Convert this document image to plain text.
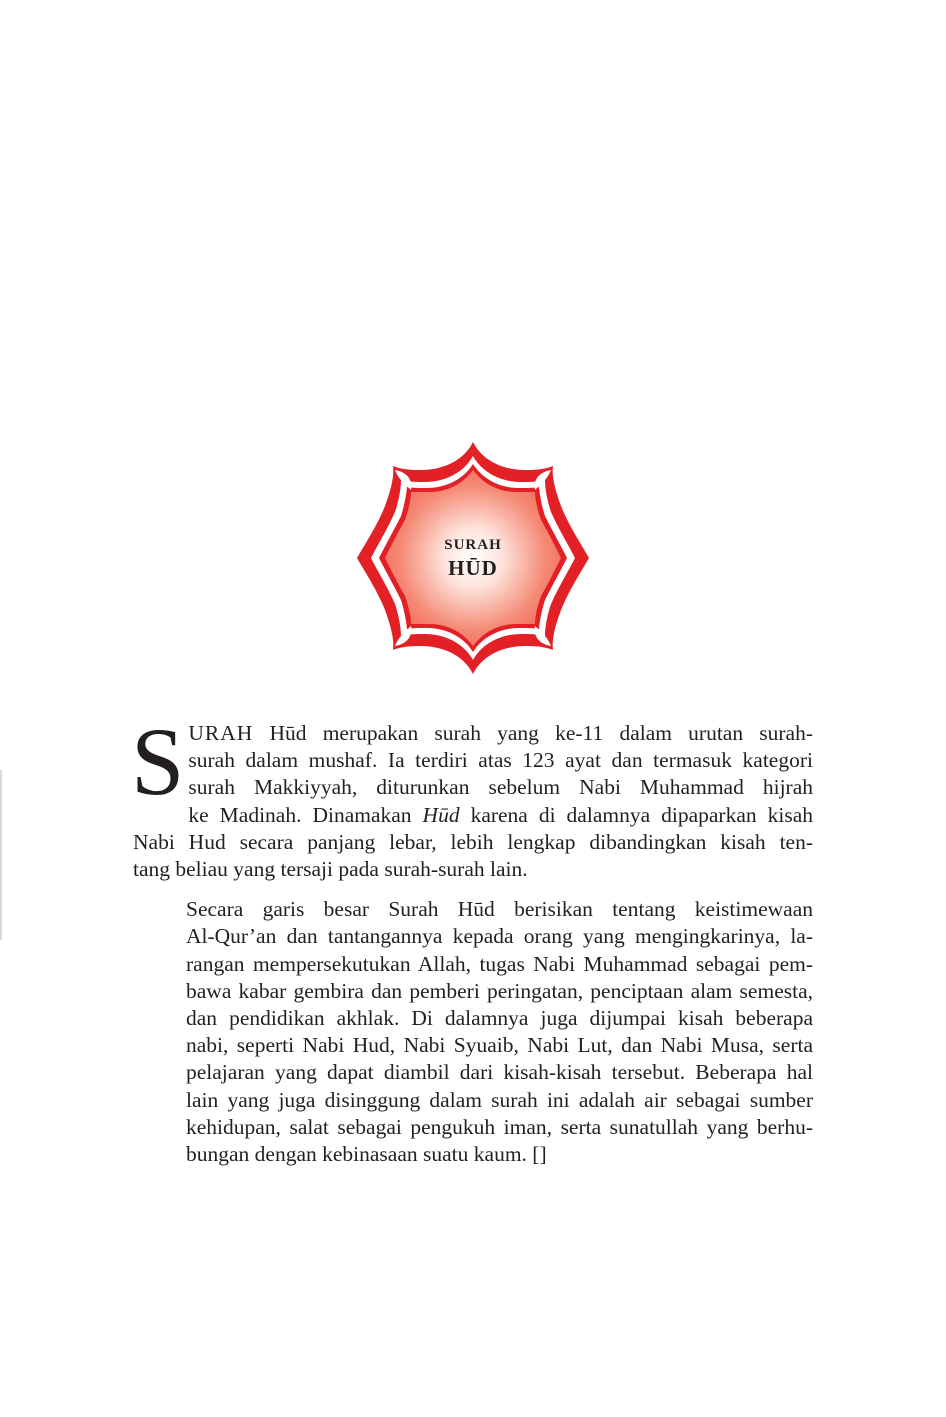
SURAH
HŪD
S URAH Hūd merupakan surah yang ke-11 dalam urutan surah-
surah dalam mushaf. Ia terdiri atas 123 ayat dan termasuk kategori
surah Makkiyyah, diturunkan sebelum Nabi Muhammad hijrah
ke Madinah. Dinamakan Hūd karena di dalamnya dipaparkan kisah
Nabi Hud secara panjang lebar, lebih lengkap dibandingkan kisah ten-
tang beliau yang tersaji pada surah-surah lain.
Secara garis besar Surah Hūd berisikan tentang keistimewaan
Al-Qur’an dan tantangannya kepada orang yang mengingkarinya, la-
rangan mempersekutukan Allah, tugas Nabi Muhammad sebagai pem-
bawa kabar gembira dan pemberi peringatan, penciptaan alam semesta,
dan pendidikan akhlak. Di dalamnya juga dijumpai kisah beberapa
nabi, seperti Nabi Hud, Nabi Syuaib, Nabi Lut, dan Nabi Musa, serta
pelajaran yang dapat diambil dari kisah-kisah tersebut. Beberapa hal
lain yang juga disinggung dalam surah ini adalah air sebagai sumber
kehidupan, salat sebagai pengukuh iman, serta sunatullah yang berhu-
bungan dengan kebinasaan suatu kaum. []
